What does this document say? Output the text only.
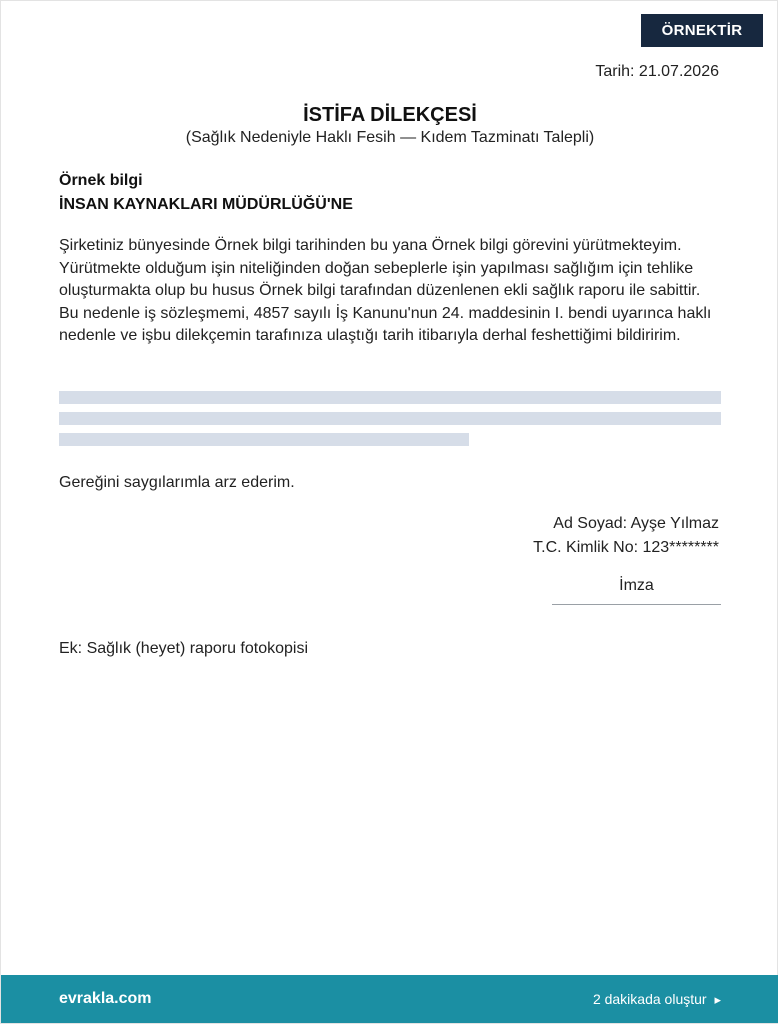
ÖRNEKTİR
Tarih: 21.07.2026
İSTİFA DİLEKÇESİ
(Sağlık Nedeniyle Haklı Fesih — Kıdem Tazminatı Talepli)
Örnek bilgi
İNSAN KAYNAKLARI MÜDÜRLÜĞÜ'NE
Şirketiniz bünyesinde Örnek bilgi tarihinden bu yana Örnek bilgi görevini yürütmekteyim. Yürütmekte olduğum işin niteliğinden doğan sebeplerle işin yapılması sağlığım için tehlike oluşturmakta olup bu husus Örnek bilgi tarafından düzenlenen ekli sağlık raporu ile sabittir. Bu nedenle iş sözleşmemi, 4857 sayılı İş Kanunu'nun 24. maddesinin I. bendi uyarınca haklı nedenle ve işbu dilekçemin tarafınıza ulaştığı tarih itibarıyla derhal feshettiğimi bildiririm.
Gereğini saygılarımla arz ederim.
Ad Soyad: Ayşe Yılmaz
T.C. Kimlik No: 123********
İmza
Ek: Sağlık (heyet) raporu fotokopisi
evrakla.com	2 dakikada oluştur ▸
